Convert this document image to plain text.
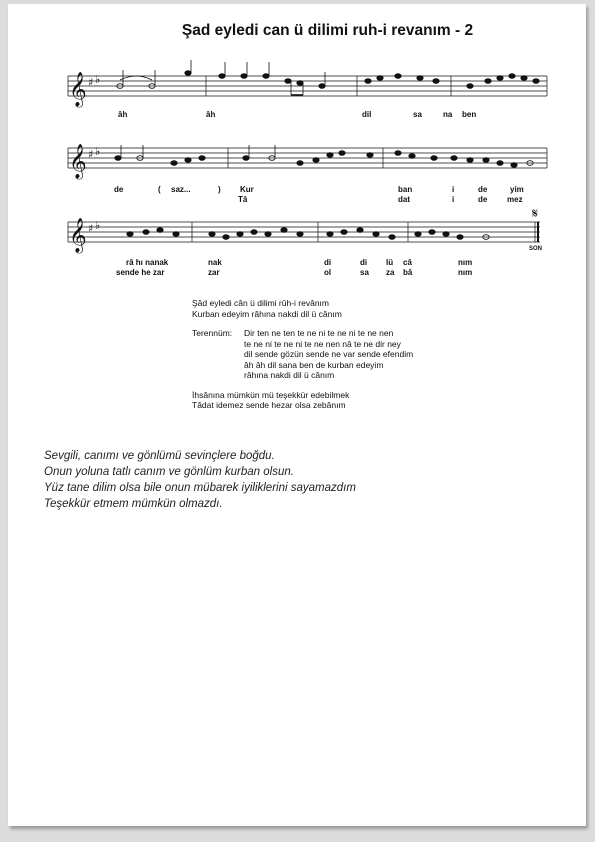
Şad eyledi can ü dilimi ruh-i revanım - 2
𝄞 ♯ ♭
𝄞 ♯ ♭
𝄞 ♯ ♭
𝄋
SON
âh	âh	dil	sa	na ben
de	( saz...	) Kur	ban	i	de	yim
Tâ	dat	i	de mez
râ hı nanak	nak	di	di lü câ	nım
sende he zar	zar	ol	sa za bâ	nım
Şâd eyledi cân ü dilimi rûh-i revânım
Kurban edeyim râhına nakdi dil ü cânım
Terennüm: Dir ten ne ten te ne ni te ne ni te ne nen
te ne ni te ne ni te ne nen nâ te ne dir ney
dil sende gözün sende ne var sende efendim
âh âh dil sana ben de kurban edeyim
râhına nakdi dil ü cânım
İhsânına mümkün mü teşekkür edebilmek
Tâdat idemez sende hezar olsa zebânım
Sevgili, canımı ve gönlümü sevinçlere boğdu.
Onun yoluna tatlı canım ve gönlüm kurban olsun.
Yüz tane dilim olsa bile onun mübarek iyiliklerini sayamazdım
Teşekkür etmem mümkün olmazdı.
